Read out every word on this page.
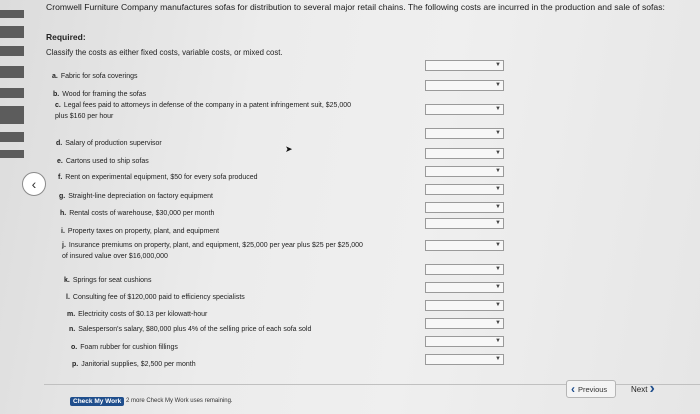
Cromwell Furniture Company manufactures sofas for distribution to several major retail chains. The following costs are incurred in the production and sale of sofas:
Required:
Classify the costs as either fixed costs, variable costs, or mixed cost.
‹
➤
a. Fabric for sofa coverings
b. Wood for framing the sofas
c. Legal fees paid to attorneys in defense of the company in a patent infringement suit, $25,000
plus $160 per hour
d. Salary of production supervisor
e. Cartons used to ship sofas
f. Rent on experimental equipment, $50 for every sofa produced
g. Straight-line depreciation on factory equipment
h. Rental costs of warehouse, $30,000 per month
i. Property taxes on property, plant, and equipment
j. Insurance premiums on property, plant, and equipment, $25,000 per year plus $25 per $25,000
of insured value over $16,000,000
k. Springs for seat cushions
l. Consulting fee of $120,000 paid to efficiency specialists
m. Electricity costs of $0.13 per kilowatt-hour
n. Salesperson's salary, $80,000 plus 4% of the selling price of each sofa sold
o. Foam rubber for cushion fillings
p. Janitorial supplies, $2,500 per month
▼
▼
▼
▼
▼
▼
▼
▼
▼
▼
▼
▼
▼
▼
▼
▼
Check My Work 2 more Check My Work uses remaining.
‹ Previous	Next ›
